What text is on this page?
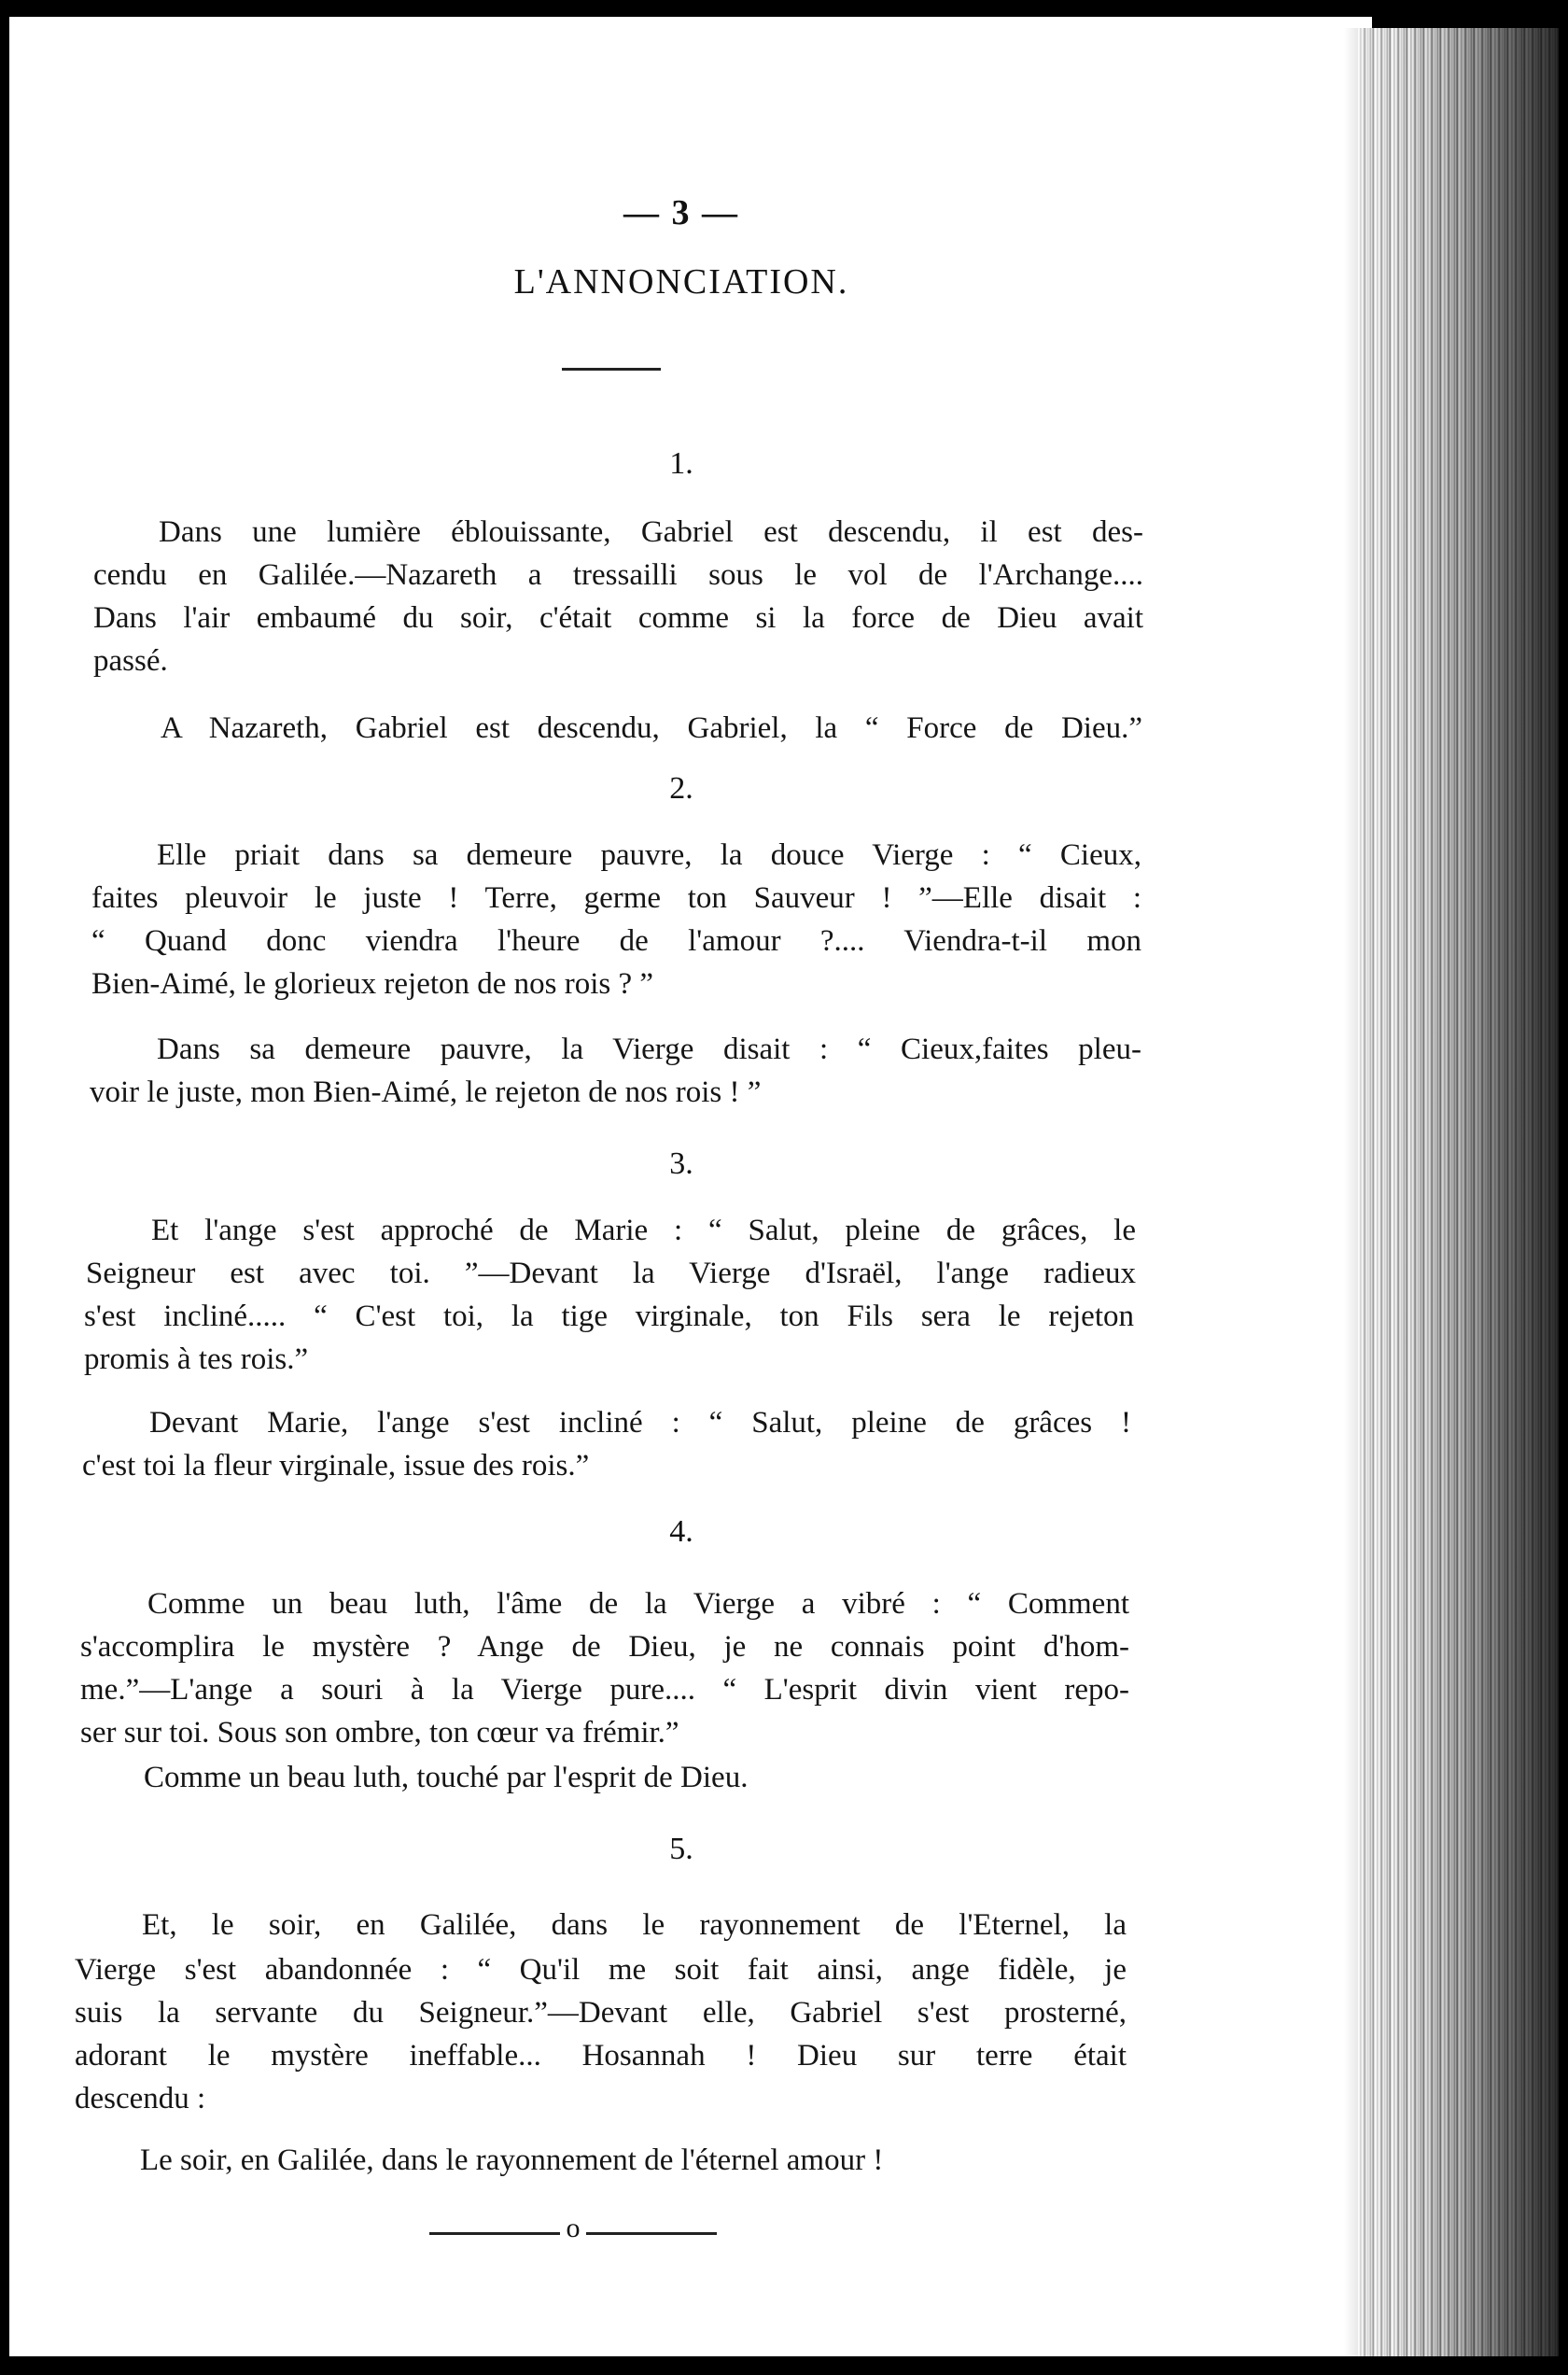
— 3 —
L'ANNONCIATION.
1.
Dans une lumière éblouissante, Gabriel est descendu, il est des-
cendu en Galilée.—Nazareth a tressailli sous le vol de l'Archange....
Dans l'air embaumé du soir, c'était comme si la force de Dieu avait
passé.
A Nazareth, Gabriel est descendu, Gabriel, la “ Force de Dieu.”
2.
Elle priait dans sa demeure pauvre, la douce Vierge : “ Cieux,
faites pleuvoir le juste ! Terre, germe ton Sauveur ! ”—Elle disait :
“ Quand donc viendra l'heure de l'amour ?.... Viendra-t-il mon
Bien-Aimé, le glorieux rejeton de nos rois ? ”
Dans sa demeure pauvre, la Vierge disait : “ Cieux,faites pleu-
voir le juste, mon Bien-Aimé, le rejeton de nos rois ! ”
3.
Et l'ange s'est approché de Marie : “ Salut, pleine de grâces, le
Seigneur est avec toi. ”—Devant la Vierge d'Israël, l'ange radieux
s'est incliné..... “ C'est toi, la tige virginale, ton Fils sera le rejeton
promis à tes rois.”
Devant Marie, l'ange s'est incliné : “ Salut, pleine de grâces !
c'est toi la fleur virginale, issue des rois.”
4.
Comme un beau luth, l'âme de la Vierge a vibré : “ Comment
s'accomplira le mystère ? Ange de Dieu, je ne connais point d'hom-
me.”—L'ange a souri à la Vierge pure.... “ L'esprit divin vient repo-
ser sur toi. Sous son ombre, ton cœur va frémir.”
Comme un beau luth, touché par l'esprit de Dieu.
5.
Et, le soir, en Galilée, dans le rayonnement de l'Eternel, la
Vierge s'est abandonnée : “ Qu'il me soit fait ainsi, ange fidèle, je
suis la servante du Seigneur.”—Devant elle, Gabriel s'est prosterné,
adorant le mystère ineffable... Hosannah ! Dieu sur terre était
descendu :
Le soir, en Galilée, dans le rayonnement de l'éternel amour !
o
